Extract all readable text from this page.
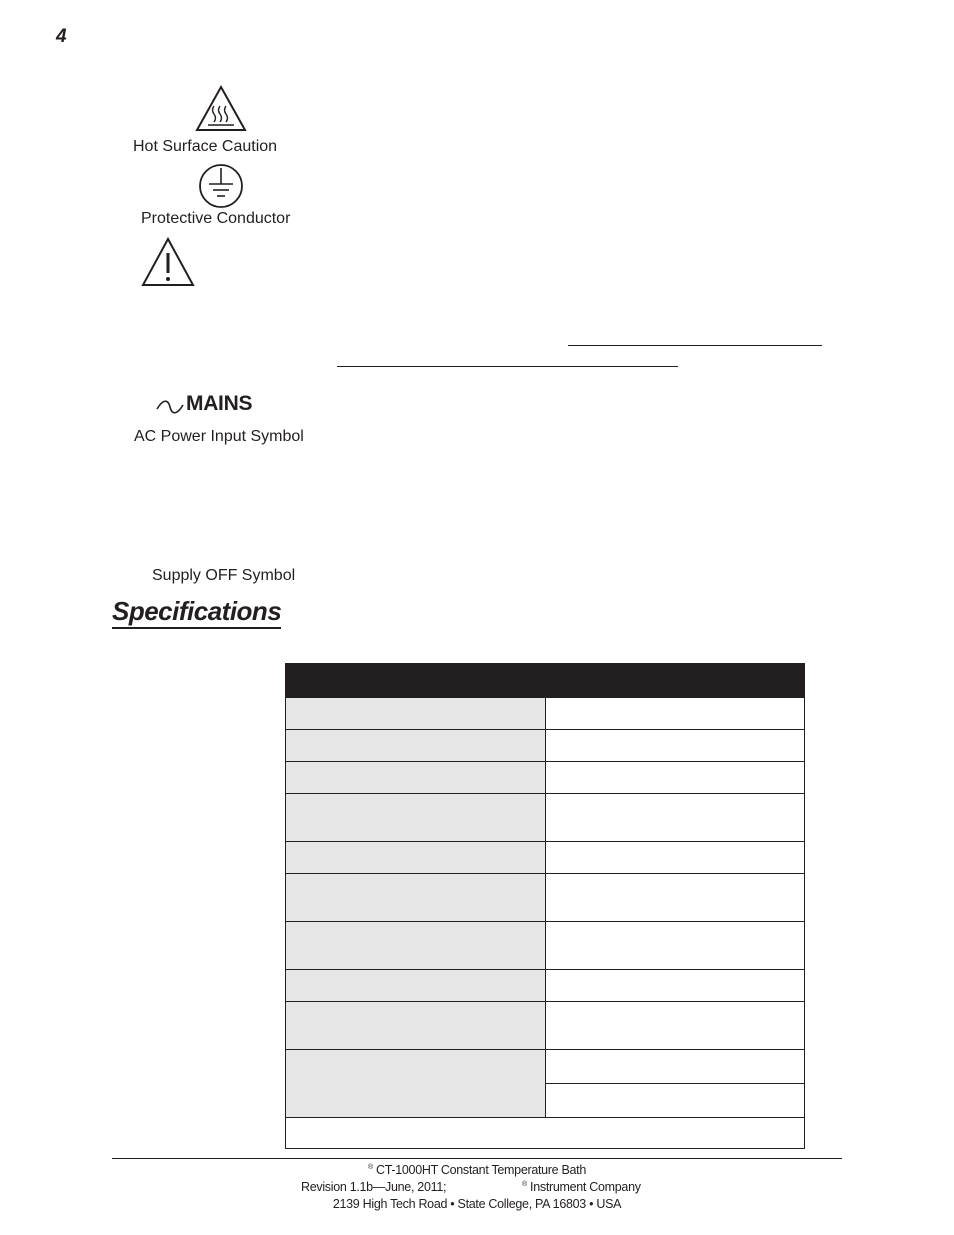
4
Hot Surface Caution
Protective Conductor
MAINS
AC Power Input Symbol
Supply OFF Symbol
Specifications

® CT-1000HT Constant Temperature Bath
Revision 1.1b—June, 2011;	® Instrument Company
2139 High Tech Road • State College, PA 16803 • USA
